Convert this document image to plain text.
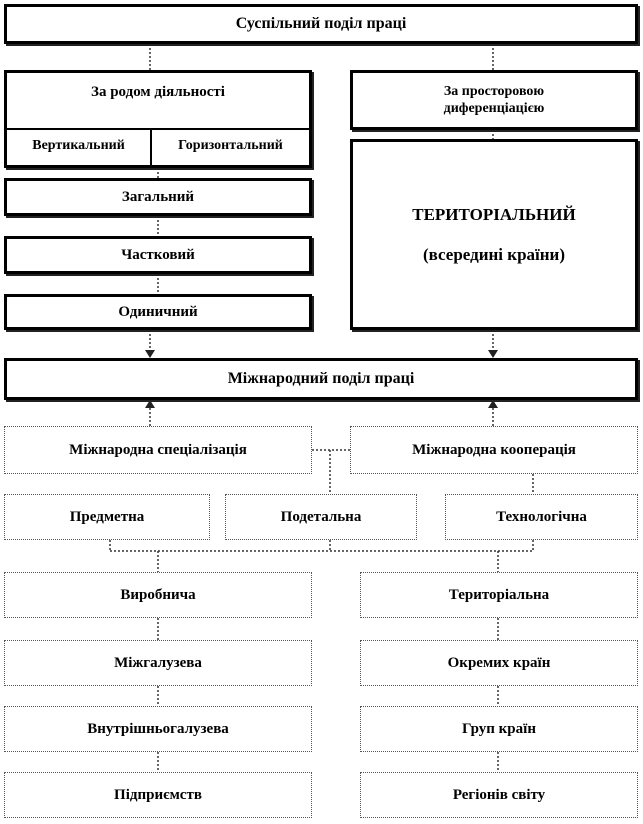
Суспільний поділ праці
За родом діяльності
Вертикальний	Горизонтальний
Загальний
Частковий
Одиничний
За просторовою
диференціацією
ТЕРИТОРІАЛЬНИЙ
(всередині країни)
Міжнародний поділ праці
Міжнародна спеціалізація	Міжнародна кооперація
Предметна	Подетальна	Технологічна
Виробнича
Міжгалузева
Внутрішньогалузева
Підприємств
Територіальна
Окремих країн
Груп країн
Регіонів світу
